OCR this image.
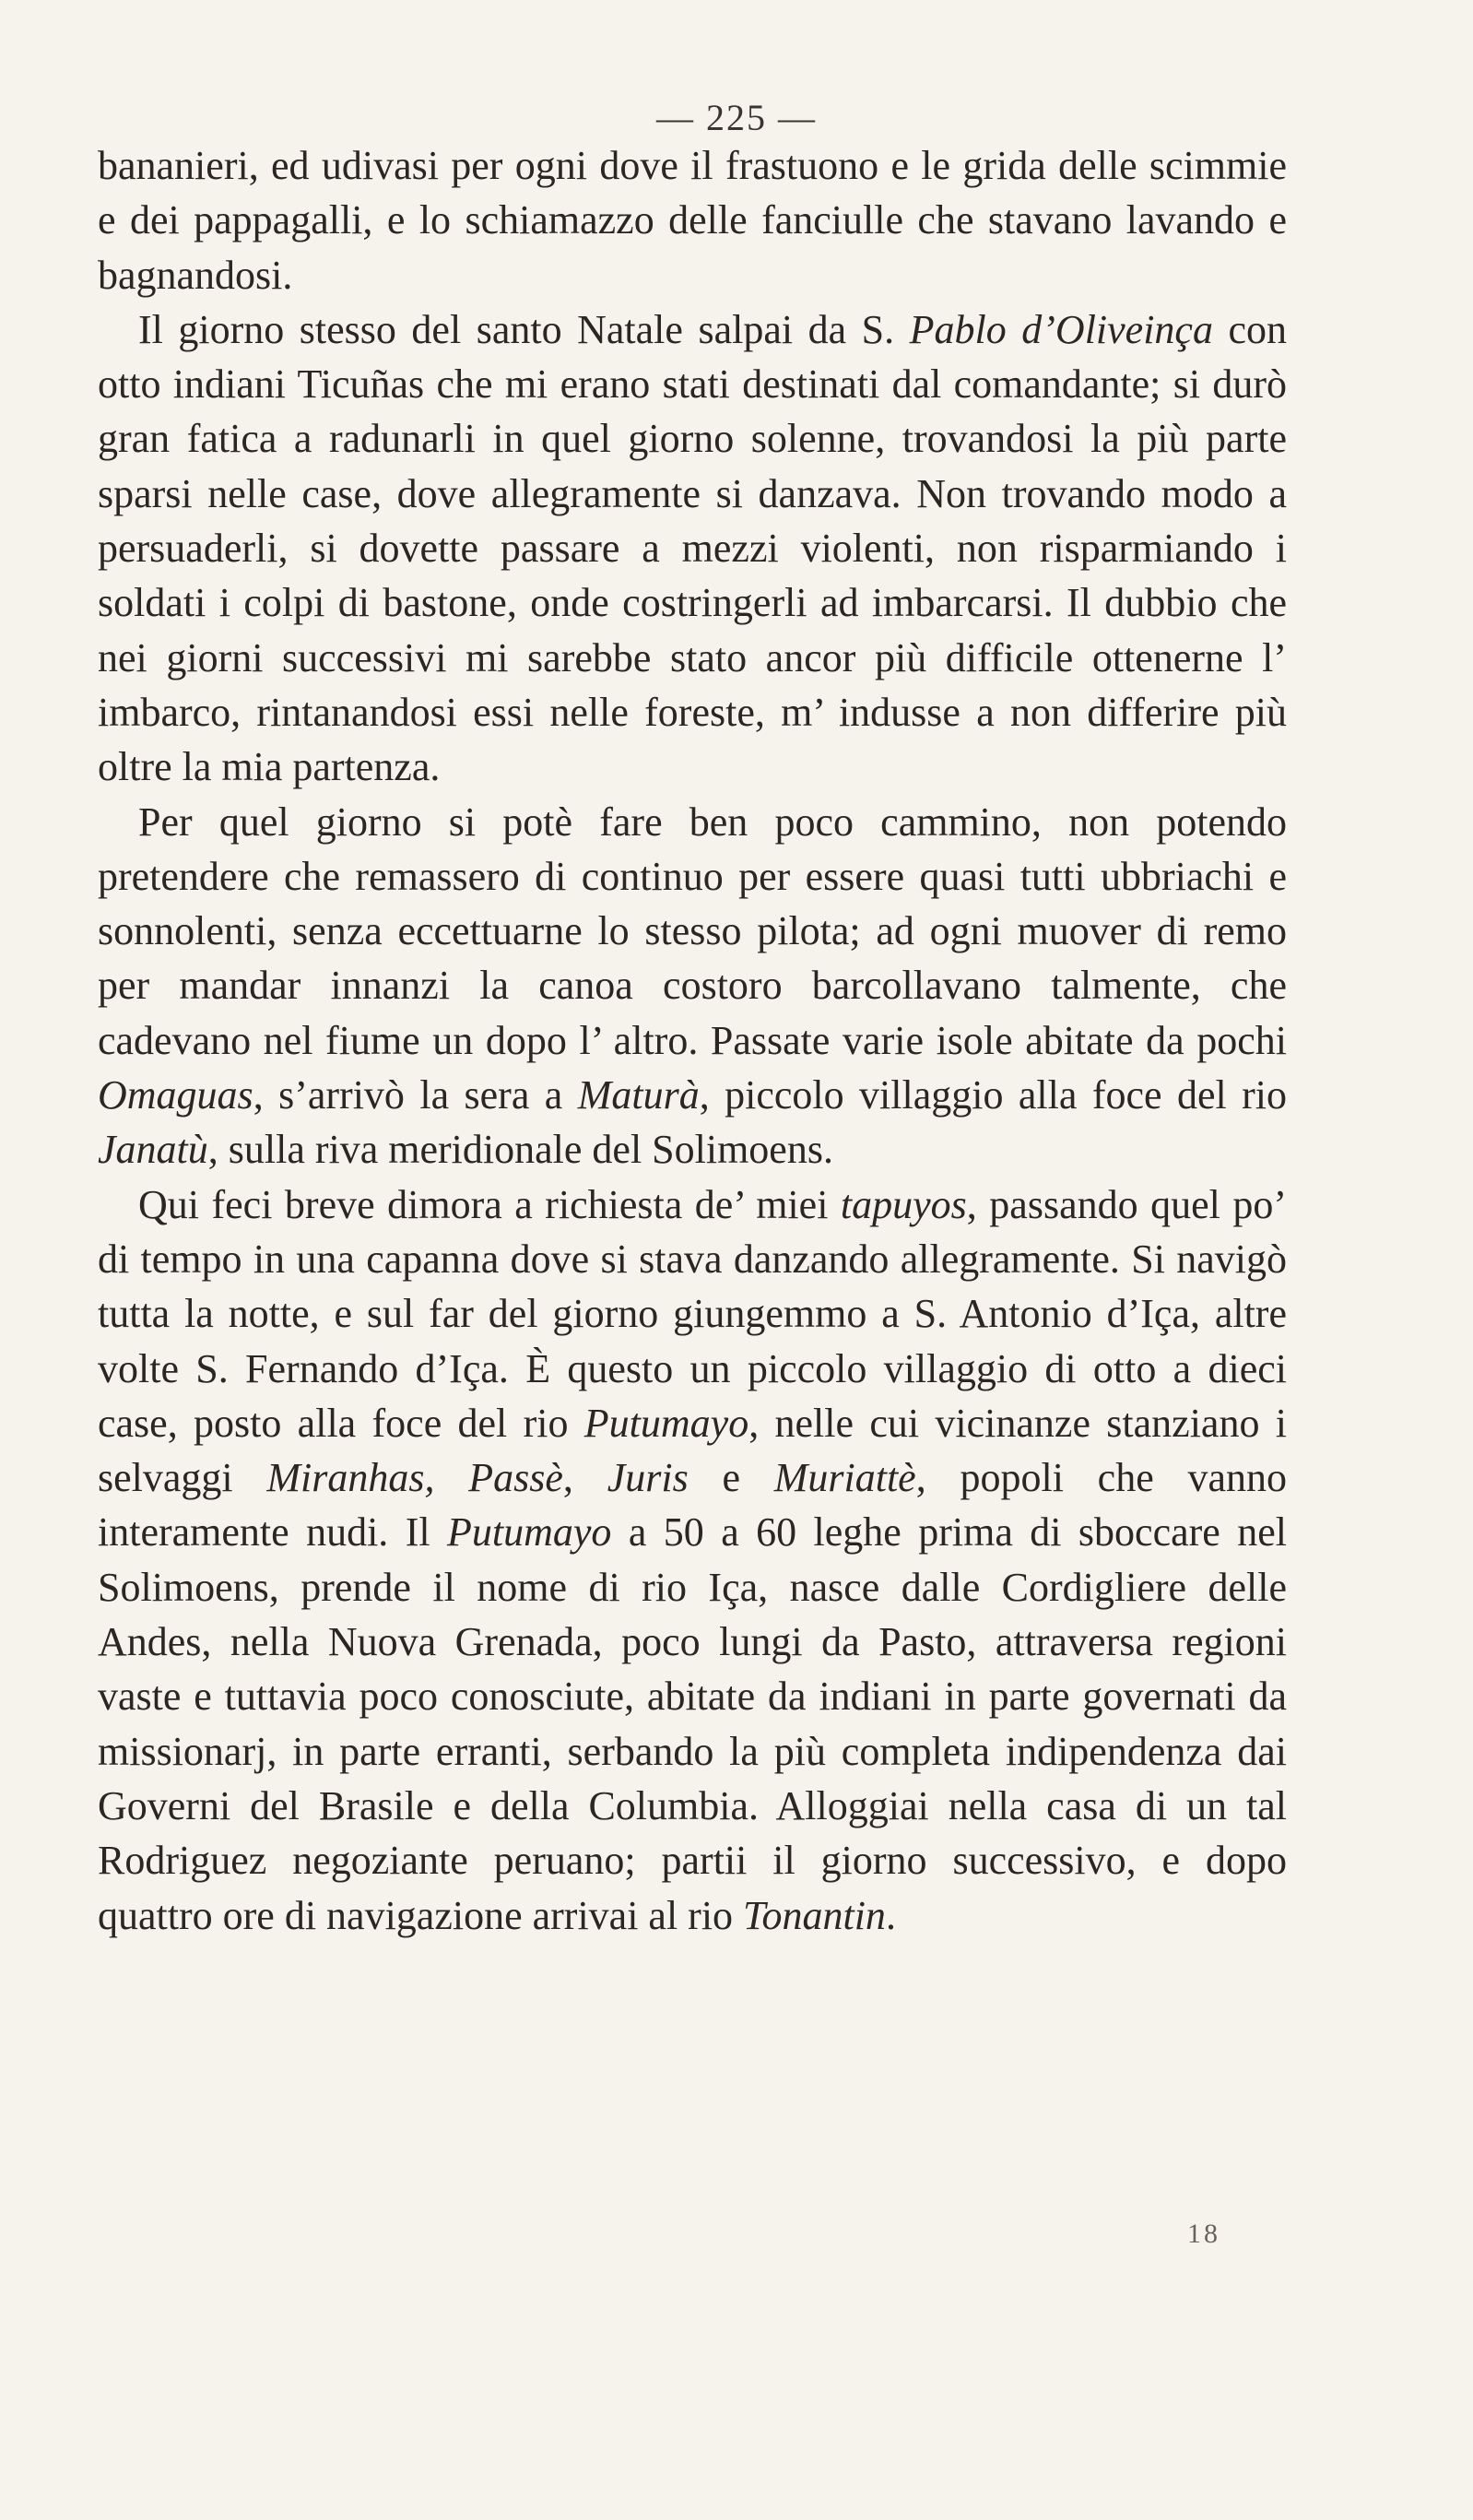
— 225 —

bananieri, ed udivasi per ogni dove il frastuono e le grida delle scimmie e dei pappagalli, e lo schiamazzo delle fanciulle che stavano lavando e bagnandosi.

Il giorno stesso del santo Natale salpai da S. Pablo d’Oliveinça con otto indiani Ticuñas che mi erano stati destinati dal comandante; si durò gran fatica a radunarli in quel giorno solenne, trovandosi la più parte sparsi nelle case, dove allegramente si danzava. Non trovando modo a persuaderli, si dovette passare a mezzi violenti, non risparmiando i soldati i colpi di bastone, onde costringerli ad imbarcarsi. Il dubbio che nei giorni successivi mi sarebbe stato ancor più difficile ottenerne l’ imbarco, rintanandosi essi nelle foreste, m’ indusse a non differire più oltre la mia partenza.

Per quel giorno si potè fare ben poco cammino, non potendo pretendere che remassero di continuo per essere quasi tutti ubbriachi e sonnolenti, senza eccettuarne lo stesso pilota; ad ogni muover di remo per mandar innanzi la canoa costoro barcollavano talmente, che cadevano nel fiume un dopo l’ altro. Passate varie isole abitate da pochi Omaguas, s’arrivò la sera a Maturà, piccolo villaggio alla foce del rio Janatù, sulla riva meridionale del Solimoens.

Qui feci breve dimora a richiesta de’ miei tapuyos, passando quel po’ di tempo in una capanna dove si stava danzando allegramente. Si navigò tutta la notte, e sul far del giorno giungemmo a S. Antonio d’Iça, altre volte S. Fernando d’Iça. È questo un piccolo villaggio di otto a dieci case, posto alla foce del rio Putumayo, nelle cui vicinanze stanziano i selvaggi Miranhas, Passè, Juris e Muriattè, popoli che vanno interamente nudi. Il Putumayo a 50 a 60 leghe prima di sboccare nel Solimoens, prende il nome di rio Iça, nasce dalle Cordigliere delle Andes, nella Nuova Grenada, poco lungi da Pasto, attraversa regioni vaste e tuttavia poco conosciute, abitate da indiani in parte governati da missionarj, in parte erranti, serbando la più completa indipendenza dai Governi del Brasile e della Columbia. Alloggiai nella casa di un tal Rodriguez negoziante peruano; partii il giorno successivo, e dopo quattro ore di navigazione arrivai al rio Tonantin.

18
